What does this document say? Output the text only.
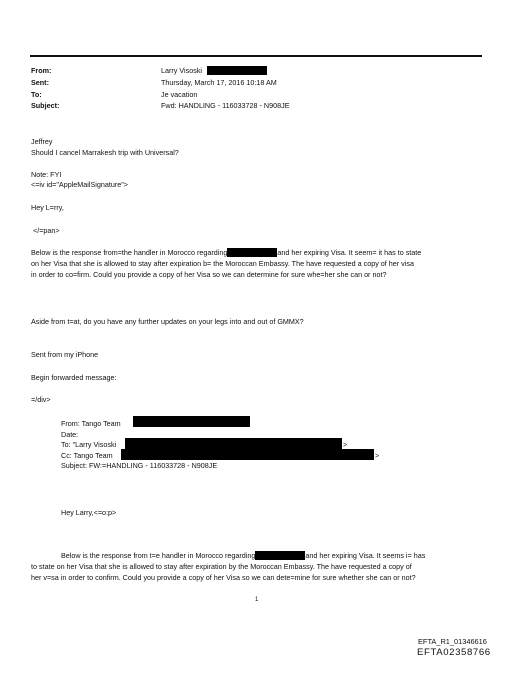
From:	Larry Visoski
Sent:	Thursday, March 17, 2016 10:18 AM
To:	Je vacation
Subject:	Fwd: HANDLING - 116033728 - N908JE
Jeffrey
Should I cancel Marrakesh trip with Universal?
Note: FYI
<=iv id="AppleMailSignature">
Hey L=rry,
</=pan>
Below is the response from=the handler in Morocco regarding	and her expiring Visa. It seem= it has to state
on her Visa that she is allowed to stay after expiration b= the Moroccan Embassy. The have requested a copy of her visa
in order to co=firm. Could you provide a copy of her Visa so we can determine for sure whe=her she can or not?
Aside from t=at, do you have any further updates on your legs into and out of GMMX?
Sent from my iPhone
Begin forwarded message:
=/div>
From: Tango Team
Date:
To: "Larry Visoski	>
Cc: Tango Team	>
Subject: FW:=HANDLING - 116033728 - N908JE
Hey Larry,<=o:p>
Below is the response from t=e handler in Morocco regarding	and her expiring Visa. It seems i= has
to state on her Visa that she is allowed to stay after expiration by the Moroccan Embassy. The have requested a copy of
her v=sa in order to confirm. Could you provide a copy of her Visa so we can dete=mine for sure whether she can or not?
1
EFTA_R1_01346616
EFTA02358766
